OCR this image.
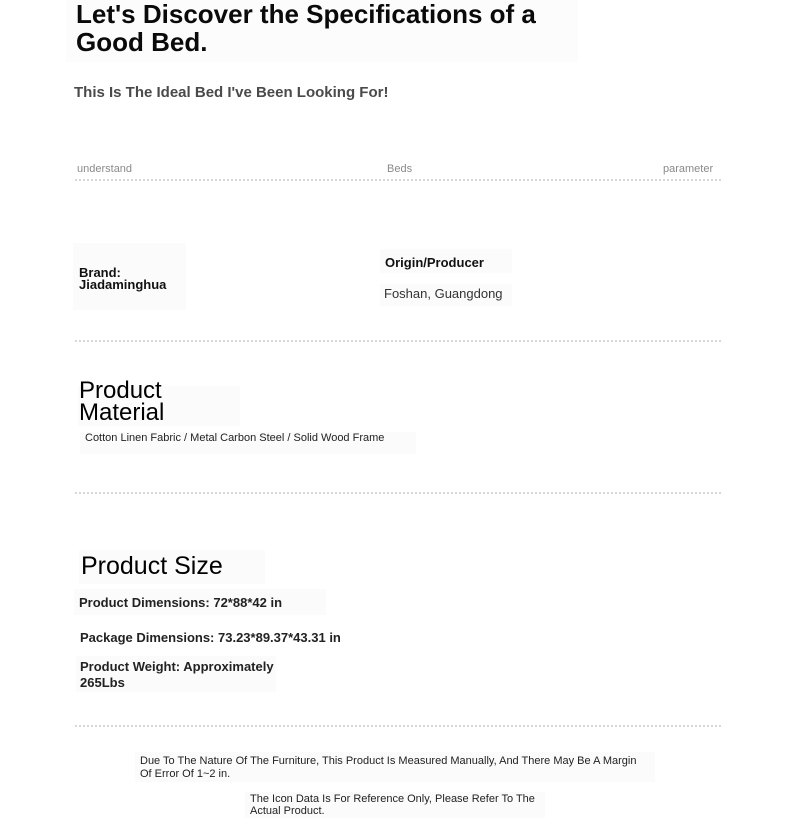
Let's Discover the Specifications of a Good Bed.
This Is The Ideal Bed I've Been Looking For!
understand	Beds	parameter
Brand: Jiadaminghua
Origin/Producer
Foshan, Guangdong
Product Material
Cotton Linen Fabric / Metal Carbon Steel / Solid Wood Frame
Product Size
Product Dimensions: 72*88*42 in
Package Dimensions: 73.23*89.37*43.31 in
Product Weight: Approximately 265Lbs
Due To The Nature Of The Furniture, This Product Is Measured Manually, And There May Be A Margin Of Error Of 1~2 in.
The Icon Data Is For Reference Only, Please Refer To The Actual Product.
